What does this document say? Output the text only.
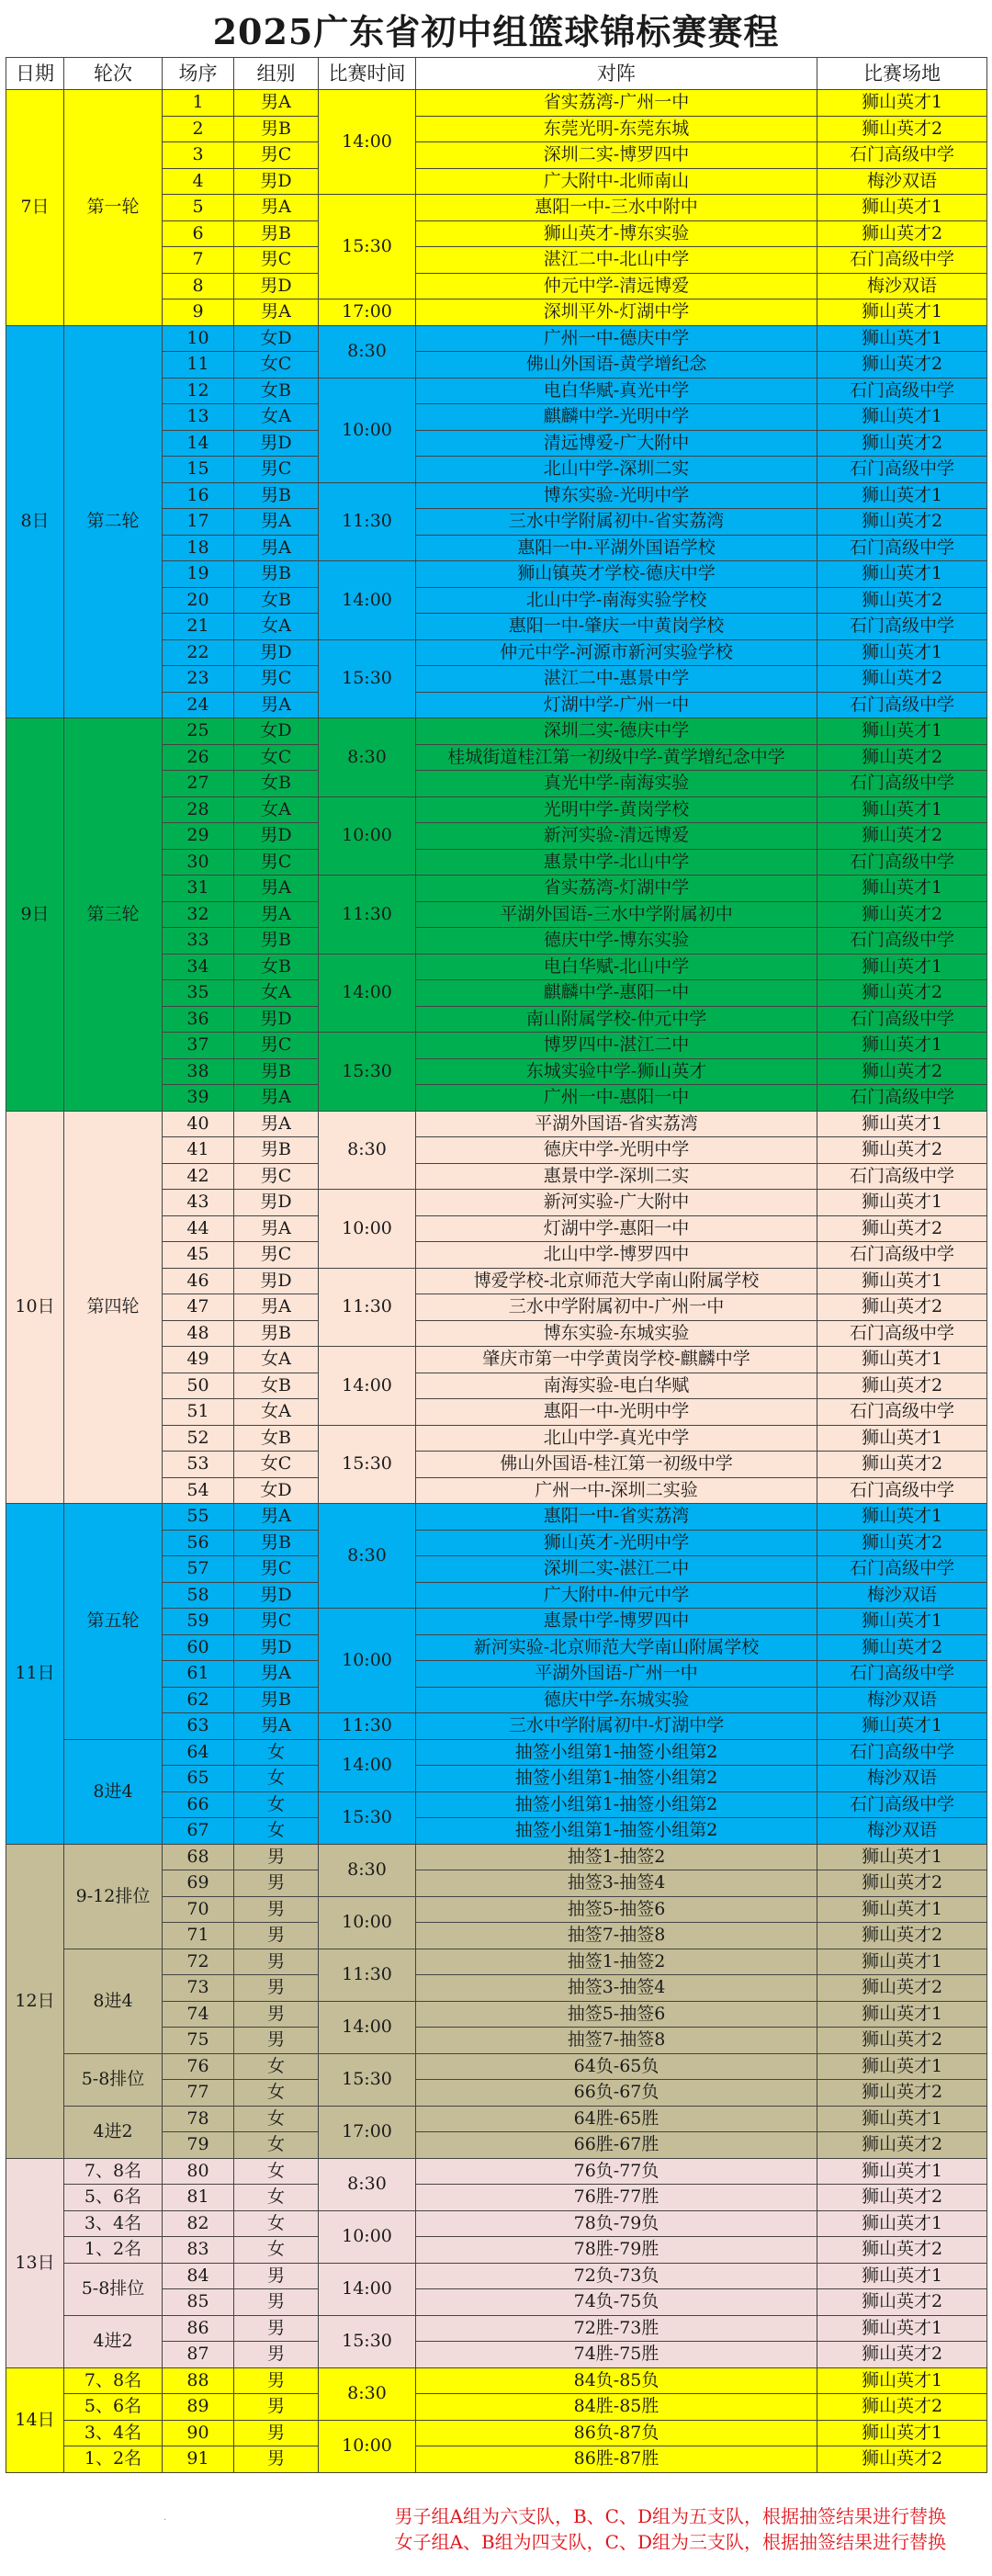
2025广东省初中组篮球锦标赛赛程
日期	轮次	场序	组别	比赛时间	对阵	比赛场地
7日	第一轮	1	男A	14:00	省实荔湾-广州一中	狮山英才1
		2	男B		东莞光明-东莞东城	狮山英才2
		3	男C		深圳二实-博罗四中	石门高级中学
		4	男D		广大附中-北师南山	梅沙双语
		5	男A	15:30	惠阳一中-三水中附中	狮山英才1
		6	男B		狮山英才-博东实验	狮山英才2
		7	男C		湛江二中-北山中学	石门高级中学
		8	男D		仲元中学-清远博爱	梅沙双语
		9	男A	17:00	深圳平外-灯湖中学	狮山英才1
8日	第二轮	10	女D	8:30	广州一中-德庆中学	狮山英才1
		11	女C		佛山外国语-黄学增纪念	狮山英才2
		12	女B	10:00	电白华赋-真光中学	石门高级中学
		13	女A		麒麟中学-光明中学	狮山英才1
		14	男D		清远博爱-广大附中	狮山英才2
		15	男C		北山中学-深圳二实	石门高级中学
		16	男B	11:30	博东实验-光明中学	狮山英才1
		17	男A		三水中学附属初中-省实荔湾	狮山英才2
		18	男A		惠阳一中-平湖外国语学校	石门高级中学
		19	男B	14:00	狮山镇英才学校-德庆中学	狮山英才1
		20	女B		北山中学-南海实验学校	狮山英才2
		21	女A		惠阳一中-肇庆一中黄岗学校	石门高级中学
		22	男D	15:30	仲元中学-河源市新河实验学校	狮山英才1
		23	男C		湛江二中-惠景中学	狮山英才2
		24	男A		灯湖中学-广州一中	石门高级中学
9日	第三轮	25	女D	8:30	深圳二实-德庆中学	狮山英才1
		26	女C		桂城街道桂江第一初级中学-黄学增纪念中学	狮山英才2
		27	女B		真光中学-南海实验	石门高级中学
		28	女A	10:00	光明中学-黄岗学校	狮山英才1
		29	男D		新河实验-清远博爱	狮山英才2
		30	男C		惠景中学-北山中学	石门高级中学
		31	男A	11:30	省实荔湾-灯湖中学	狮山英才1
		32	男A		平湖外国语-三水中学附属初中	狮山英才2
		33	男B		德庆中学-博东实验	石门高级中学
		34	女B	14:00	电白华赋-北山中学	狮山英才1
		35	女A		麒麟中学-惠阳一中	狮山英才2
		36	男D		南山附属学校-仲元中学	石门高级中学
		37	男C	15:30	博罗四中-湛江二中	狮山英才1
		38	男B		东城实验中学-狮山英才	狮山英才2
		39	男A		广州一中-惠阳一中	石门高级中学
10日	第四轮	40	男A	8:30	平湖外国语-省实荔湾	狮山英才1
		41	男B		德庆中学-光明中学	狮山英才2
		42	男C		惠景中学-深圳二实	石门高级中学
		43	男D	10:00	新河实验-广大附中	狮山英才1
		44	男A		灯湖中学-惠阳一中	狮山英才2
		45	男C		北山中学-博罗四中	石门高级中学
		46	男D	11:30	博爱学校-北京师范大学南山附属学校	狮山英才1
		47	男A		三水中学附属初中-广州一中	狮山英才2
		48	男B		博东实验-东城实验	石门高级中学
		49	女A	14:00	肇庆市第一中学黄岗学校-麒麟中学	狮山英才1
		50	女B		南海实验-电白华赋	狮山英才2
		51	女A		惠阳一中-光明中学	石门高级中学
		52	女B	15:30	北山中学-真光中学	狮山英才1
		53	女C		佛山外国语-桂江第一初级中学	狮山英才2
		54	女D		广州一中-深圳二实验	石门高级中学
11日	第五轮	55	男A	8:30	惠阳一中-省实荔湾	狮山英才1
		56	男B		狮山英才-光明中学	狮山英才2
		57	男C		深圳二实-湛江二中	石门高级中学
		58	男D		广大附中-仲元中学	梅沙双语
		59	男C	10:00	惠景中学-博罗四中	狮山英才1
		60	男D		新河实验-北京师范大学南山附属学校	狮山英才2
		61	男A		平湖外国语-广州一中	石门高级中学
		62	男B		德庆中学-东城实验	梅沙双语
		63	男A	11:30	三水中学附属初中-灯湖中学	狮山英才1
	8进4	64	女	14:00	抽签小组第1-抽签小组第2	石门高级中学
		65	女		抽签小组第1-抽签小组第2	梅沙双语
		66	女	15:30	抽签小组第1-抽签小组第2	石门高级中学
		67	女		抽签小组第1-抽签小组第2	梅沙双语
12日	9-12排位	68	男	8:30	抽签1-抽签2	狮山英才1
		69	男		抽签3-抽签4	狮山英才2
		70	男	10:00	抽签5-抽签6	狮山英才1
		71	男		抽签7-抽签8	狮山英才2
	8进4	72	男	11:30	抽签1-抽签2	狮山英才1
		73	男		抽签3-抽签4	狮山英才2
		74	男	14:00	抽签5-抽签6	狮山英才1
		75	男		抽签7-抽签8	狮山英才2
	5-8排位	76	女	15:30	64负-65负	狮山英才1
		77	女		66负-67负	狮山英才2
	4进2	78	女	17:00	64胜-65胜	狮山英才1
		79	女		66胜-67胜	狮山英才2
13日	7、8名	80	女	8:30	76负-77负	狮山英才1
	5、6名	81	女		76胜-77胜	狮山英才2
	3、4名	82	女	10:00	78负-79负	狮山英才1
	1、2名	83	女		78胜-79胜	狮山英才2
	5-8排位	84	男	14:00	72负-73负	狮山英才1
		85	男		74负-75负	狮山英才2
	4进2	86	男	15:30	72胜-73胜	狮山英才1
		87	男		74胜-75胜	狮山英才2
14日	7、8名	88	男	8:30	84负-85负	狮山英才1
	5、6名	89	男		84胜-85胜	狮山英才2
	3、4名	90	男	10:00	86负-87负	狮山英才1
	1、2名	91	男		86胜-87胜	狮山英才2
.	男子组A组为六支队，B、C、D组为五支队，根据抽签结果进行替换
女子组A、B组为四支队，C、D组为三支队，根据抽签结果进行替换
